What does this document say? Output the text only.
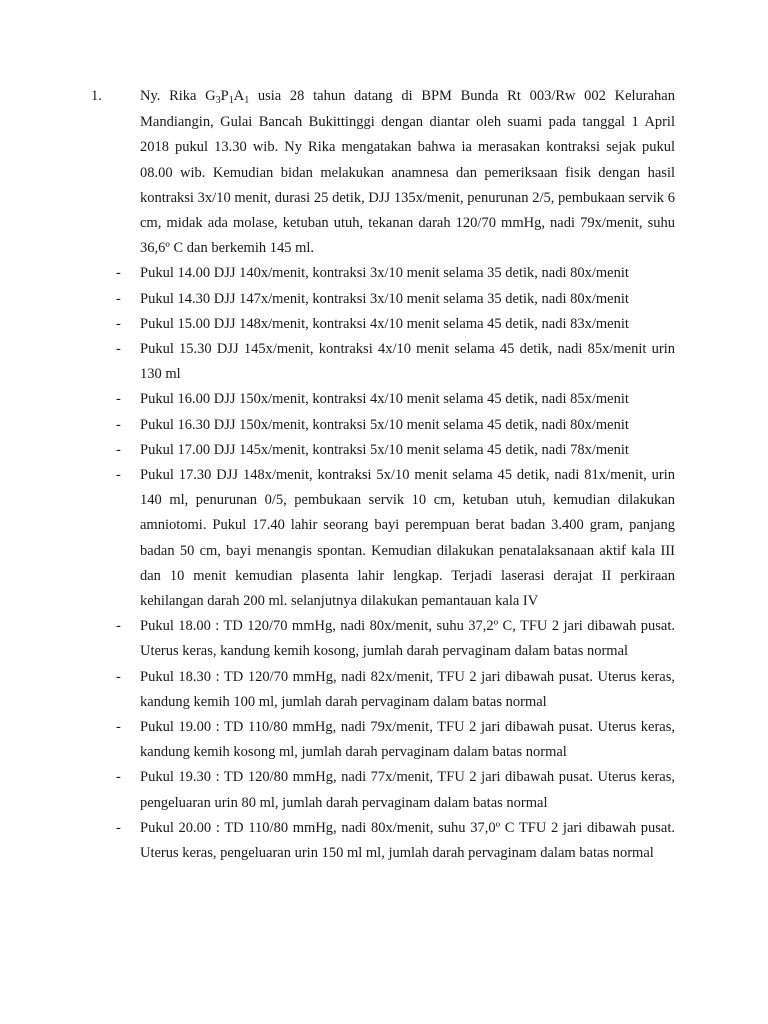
1.	Ny. Rika $G_3P_1A_1$ usia 28 tahun datang di BPM Bunda Rt 003/Rw 002 Kelurahan Mandiangin, Gulai Bancah Bukittinggi dengan diantar oleh suami pada tanggal 1 April 2018 pukul 13.30 wib. Ny Rika mengatakan bahwa ia merasakan kontraksi sejak pukul 08.00 wib. Kemudian bidan melakukan anamnesa dan pemeriksaan fisik dengan hasil kontraksi 3x/10 menit, durasi 25 detik, DJJ 135x/menit, penurunan 2/5, pembukaan servik 6 cm, midak ada molase, ketuban utuh, tekanan darah 120/70 mmHg, nadi 79x/menit, suhu 36,6º C dan berkemih 145 ml.

- Pukul 14.00 DJJ 140x/menit, kontraksi 3x/10 menit selama 35 detik, nadi 80x/menit
- Pukul 14.30 DJJ 147x/menit, kontraksi 3x/10 menit selama 35 detik, nadi 80x/menit
- Pukul 15.00 DJJ 148x/menit, kontraksi 4x/10 menit selama 45 detik, nadi 83x/menit
- Pukul 15.30 DJJ 145x/menit, kontraksi 4x/10 menit selama 45 detik, nadi 85x/menit urin 130 ml
- Pukul 16.00 DJJ 150x/menit, kontraksi 4x/10 menit selama 45 detik, nadi 85x/menit
- Pukul 16.30 DJJ 150x/menit, kontraksi 5x/10 menit selama 45 detik, nadi 80x/menit
- Pukul 17.00 DJJ 145x/menit, kontraksi 5x/10 menit selama 45 detik, nadi 78x/menit
- Pukul 17.30 DJJ 148x/menit, kontraksi 5x/10 menit selama 45 detik, nadi 81x/menit, urin 140 ml, penurunan 0/5, pembukaan servik 10 cm, ketuban utuh, kemudian dilakukan amniotomi. Pukul 17.40 lahir seorang bayi perempuan berat badan 3.400 gram, panjang badan 50 cm, bayi menangis spontan. Kemudian dilakukan penatalaksanaan aktif kala III dan 10 menit kemudian plasenta lahir lengkap. Terjadi laserasi derajat II perkiraan kehilangan darah 200 ml. selanjutnya dilakukan pemantauan kala IV
- Pukul 18.00 : TD 120/70 mmHg, nadi 80x/menit, suhu 37,2º C, TFU 2 jari dibawah pusat. Uterus keras, kandung kemih kosong, jumlah darah pervaginam dalam batas normal
- Pukul 18.30 : TD 120/70 mmHg, nadi 82x/menit, TFU 2 jari dibawah pusat. Uterus keras, kandung kemih 100 ml, jumlah darah pervaginam dalam batas normal
- Pukul 19.00 : TD 110/80 mmHg, nadi 79x/menit, TFU 2 jari dibawah pusat. Uterus keras, kandung kemih kosong ml, jumlah darah pervaginam dalam batas normal
- Pukul 19.30 : TD 120/80 mmHg, nadi 77x/menit, TFU 2 jari dibawah pusat. Uterus keras, pengeluaran urin 80 ml, jumlah darah pervaginam dalam batas normal
- Pukul 20.00 : TD 110/80 mmHg, nadi 80x/menit, suhu 37,0º C TFU 2 jari dibawah pusat. Uterus keras, pengeluaran urin 150 ml ml, jumlah darah pervaginam dalam batas normal
